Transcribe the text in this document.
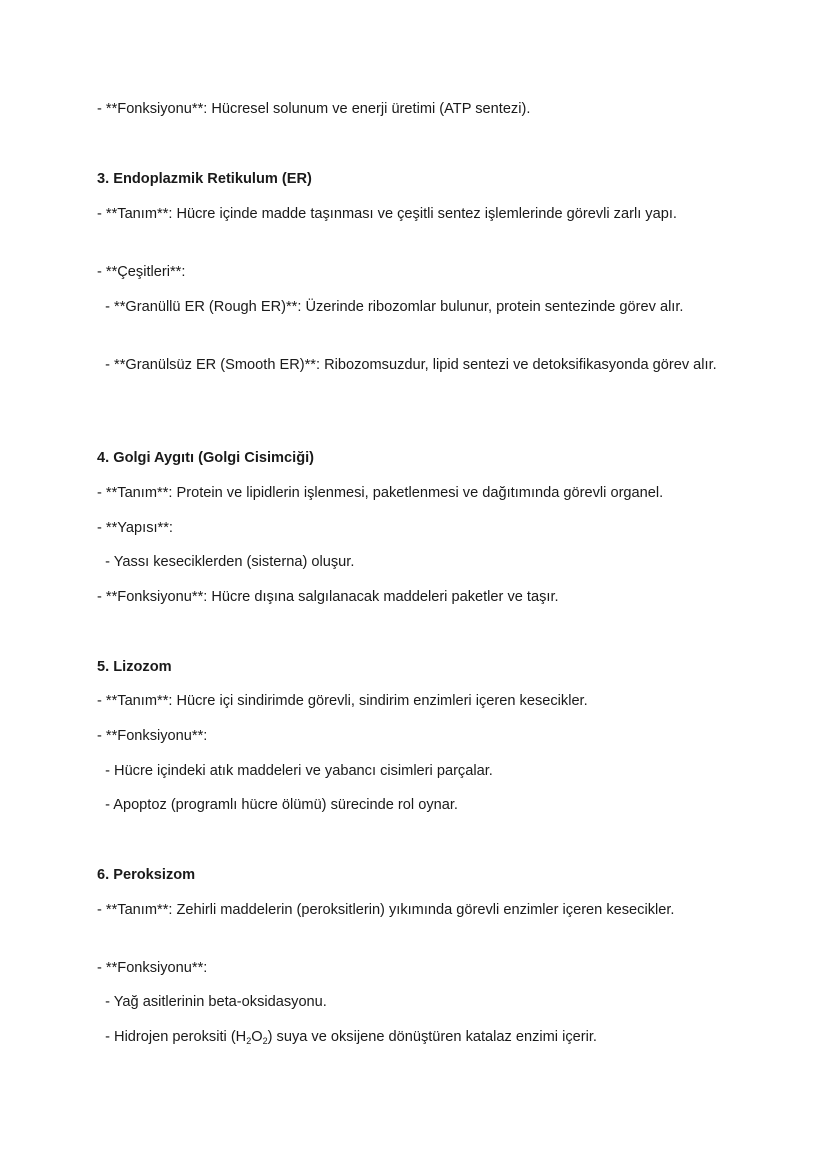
- **Fonksiyonu**: Hücresel solunum ve enerji üretimi (ATP sentezi).
3. Endoplazmik Retikulum (ER)
- **Tanım**: Hücre içinde madde taşınması ve çeşitli sentez işlemlerinde görevli zarlı yapı.
- **Çeşitleri**:
- **Granüllü ER (Rough ER)**: Üzerinde ribozomlar bulunur, protein sentezinde görev alır.
- **Granülsüz ER (Smooth ER)**: Ribozomsuzdur, lipid sentezi ve detoksifikasyonda görev alır.
4. Golgi Aygıtı (Golgi Cisimciği)
- **Tanım**: Protein ve lipidlerin işlenmesi, paketlenmesi ve dağıtımında görevli organel.
- **Yapısı**:
- Yassı keseciklerden (sisterna) oluşur.
- **Fonksiyonu**: Hücre dışına salgılanacak maddeleri paketler ve taşır.
5. Lizozom
- **Tanım**: Hücre içi sindirimde görevli, sindirim enzimleri içeren kesecikler.
- **Fonksiyonu**:
- Hücre içindeki atık maddeleri ve yabancı cisimleri parçalar.
- Apoptoz (programlı hücre ölümü) sürecinde rol oynar.
6. Peroksizom
- **Tanım**: Zehirli maddelerin (peroksitlerin) yıkımında görevli enzimler içeren kesecikler.
- **Fonksiyonu**:
- Yağ asitlerinin beta-oksidasyonu.
- Hidrojen peroksiti $(H_2O_2)$ suya ve oksijene dönüştüren katalaz enzimi içerir.
